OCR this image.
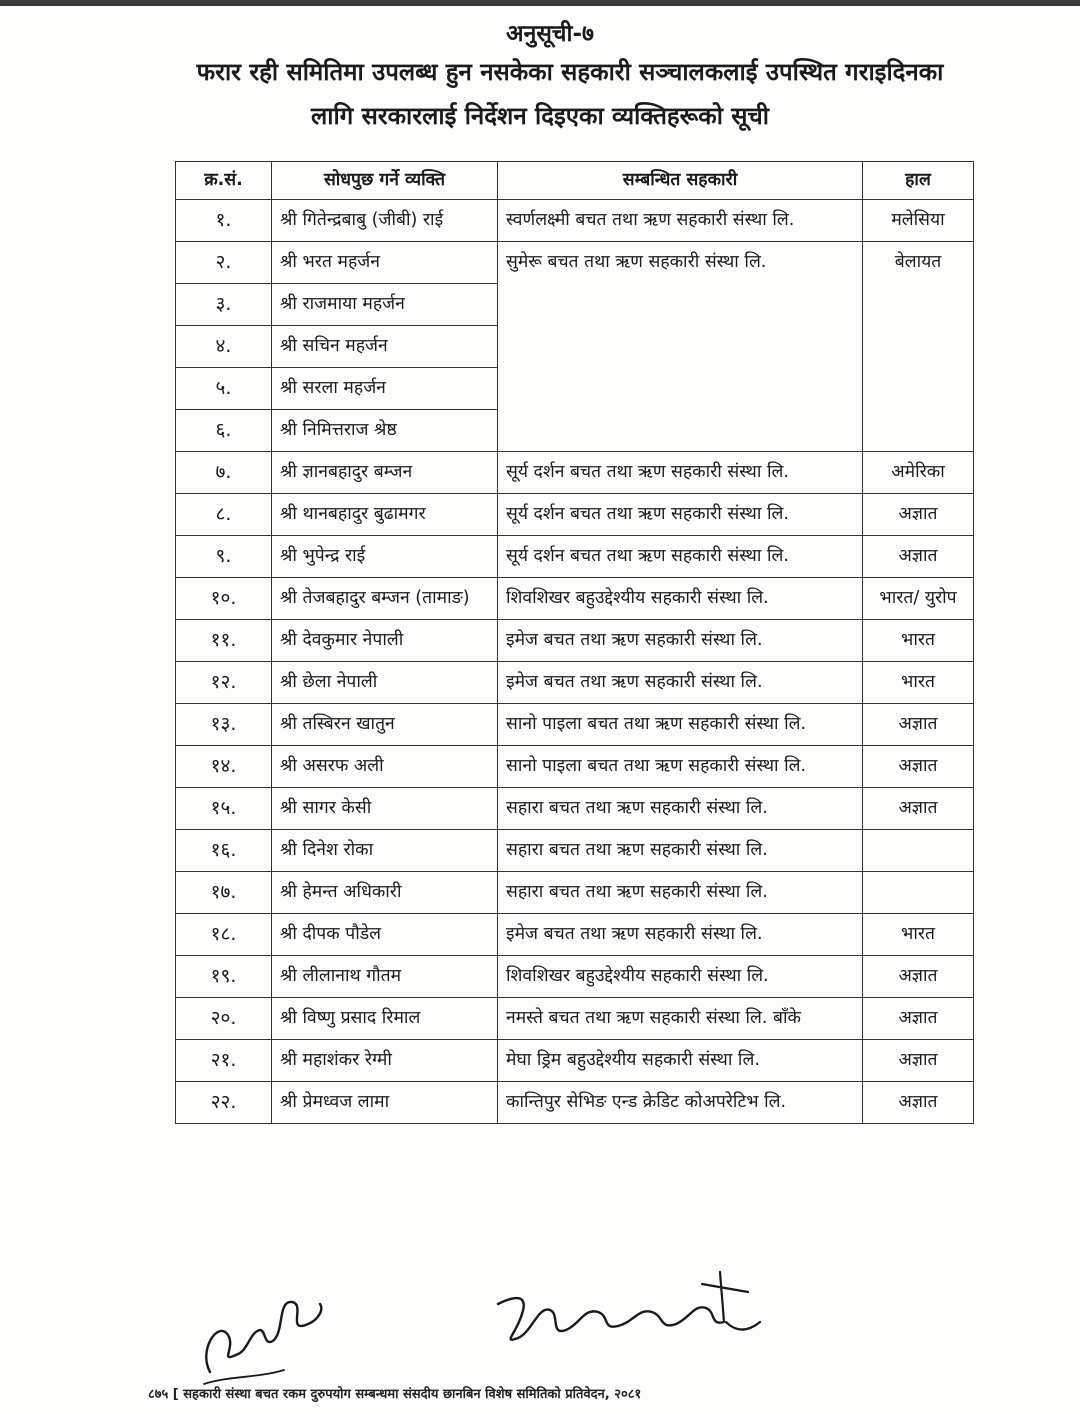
अनुसूची-७
फरार रही समितिमा उपलब्ध हुन नसकेका सहकारी सञ्चालकलाई उपस्थित गराइदिनका
लागि सरकारलाई निर्देशन दिइएका व्यक्तिहरूको सूची
क्र.सं.	सोधपुछ गर्ने व्यक्ति	सम्बन्धित सहकारी	हाल
१.	श्री गितेन्द्रबाबु (जीबी) राई	स्वर्णलक्ष्मी बचत तथा ऋण सहकारी संस्था लि.	मलेसिया
२.	श्री भरत महर्जन	सुमेरू बचत तथा ऋण सहकारी संस्था लि.	बेलायत
३.	श्री राजमाया महर्जन		
४.	श्री सचिन महर्जन		
५.	श्री सरला महर्जन		
६.	श्री निमित्तराज श्रेष्ठ		
७.	श्री ज्ञानबहादुर बम्जन	सूर्य दर्शन बचत तथा ऋण सहकारी संस्था लि.	अमेरिका
८.	श्री थानबहादुर बुढामगर	सूर्य दर्शन बचत तथा ऋण सहकारी संस्था लि.	अज्ञात
९.	श्री भुपेन्द्र राई	सूर्य दर्शन बचत तथा ऋण सहकारी संस्था लि.	अज्ञात
१०.	श्री तेजबहादुर बम्जन (तामाङ)	शिवशिखर बहुउद्देश्यीय सहकारी संस्था लि.	भारत/ युरोप
११.	श्री देवकुमार नेपाली	इमेज बचत तथा ऋण सहकारी संस्था लि.	भारत
१२.	श्री छेला नेपाली	इमेज बचत तथा ऋण सहकारी संस्था लि.	भारत
१३.	श्री तस्बिरन खातुन	सानो पाइला बचत तथा ऋण सहकारी संस्था लि.	अज्ञात
१४.	श्री असरफ अली	सानो पाइला बचत तथा ऋण सहकारी संस्था लि.	अज्ञात
१५.	श्री सागर केसी	सहारा बचत तथा ऋण सहकारी संस्था लि.	अज्ञात
१६.	श्री दिनेश रोका	सहारा बचत तथा ऋण सहकारी संस्था लि.	
१७.	श्री हेमन्त अधिकारी	सहारा बचत तथा ऋण सहकारी संस्था लि.	
१८.	श्री दीपक पौडेल	इमेज बचत तथा ऋण सहकारी संस्था लि.	भारत
१९.	श्री लीलानाथ गौतम	शिवशिखर बहुउद्देश्यीय सहकारी संस्था लि.	अज्ञात
२०.	श्री विष्णु प्रसाद रिमाल	नमस्ते बचत तथा ऋण सहकारी संस्था लि. बाँके	अज्ञात
२१.	श्री महाशंकर रेग्मी	मेघा ड्रिम बहुउद्देश्यीय सहकारी संस्था लि.	अज्ञात
२२.	श्री प्रेमध्वज लामा	कान्तिपुर सेभिङ एन्ड क्रेडिट कोअपरेटिभ लि.	अज्ञात
८७५ [ सहकारी संस्था बचत रकम दुरुपयोग सम्बन्धमा संसदीय छानबिन विशेष समितिको प्रतिवेदन, २०८१
